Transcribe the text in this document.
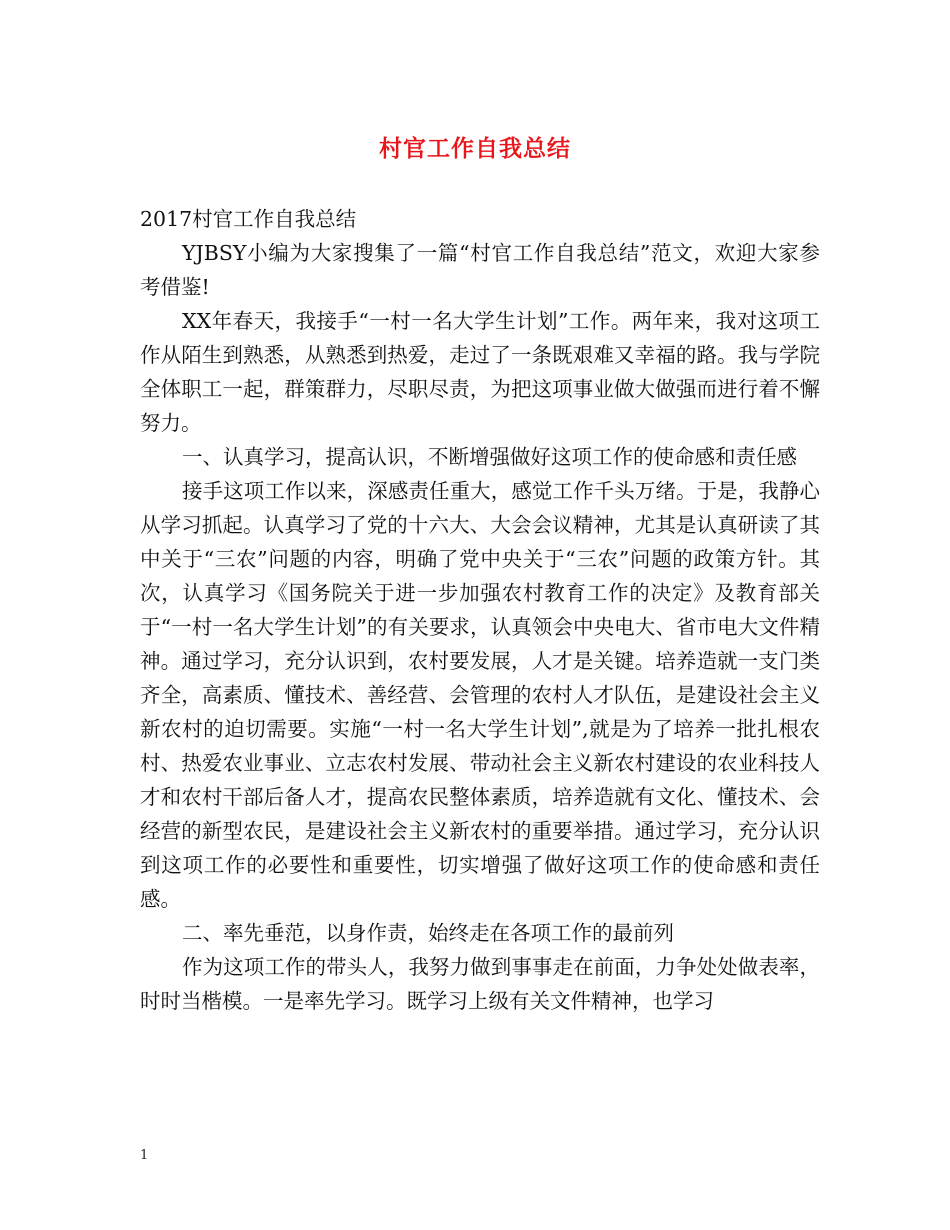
村官工作自我总结

2017村官工作自我总结

YJBSY小编为大家搜集了一篇“村官工作自我总结”范文，欢迎大家参考借鉴!

XX年春天，我接手“一村一名大学生计划”工作。两年来，我对这项工作从陌生到熟悉，从熟悉到热爱，走过了一条既艰难又幸福的路。我与学院全体职工一起，群策群力，尽职尽责，为把这项事业做大做强而进行着不懈努力。

一、认真学习，提高认识，不断增强做好这项工作的使命感和责任感

接手这项工作以来，深感责任重大，感觉工作千头万绪。于是，我静心从学习抓起。认真学习了党的十六大、大会会议精神，尤其是认真研读了其中关于“三农”问题的内容，明确了党中央关于“三农”问题的政策方针。其次，认真学习《国务院关于进一步加强农村教育工作的决定》及教育部关于“一村一名大学生计划”的有关要求，认真领会中央电大、省市电大文件精神。通过学习，充分认识到，农村要发展，人才是关键。培养造就一支门类齐全，高素质、懂技术、善经营、会管理的农村人才队伍，是建设社会主义新农村的迫切需要。实施“一村一名大学生计划”,就是为了培养一批扎根农村、热爱农业事业、立志农村发展、带动社会主义新农村建设的农业科技人才和农村干部后备人才，提高农民整体素质，培养造就有文化、懂技术、会经营的新型农民，是建设社会主义新农村的重要举措。通过学习，充分认识到这项工作的必要性和重要性，切实增强了做好这项工作的使命感和责任感。

二、率先垂范，以身作责，始终走在各项工作的最前列

作为这项工作的带头人，我努力做到事事走在前面，力争处处做表率，时时当楷模。一是率先学习。既学习上级有关文件精神，也学习

1
